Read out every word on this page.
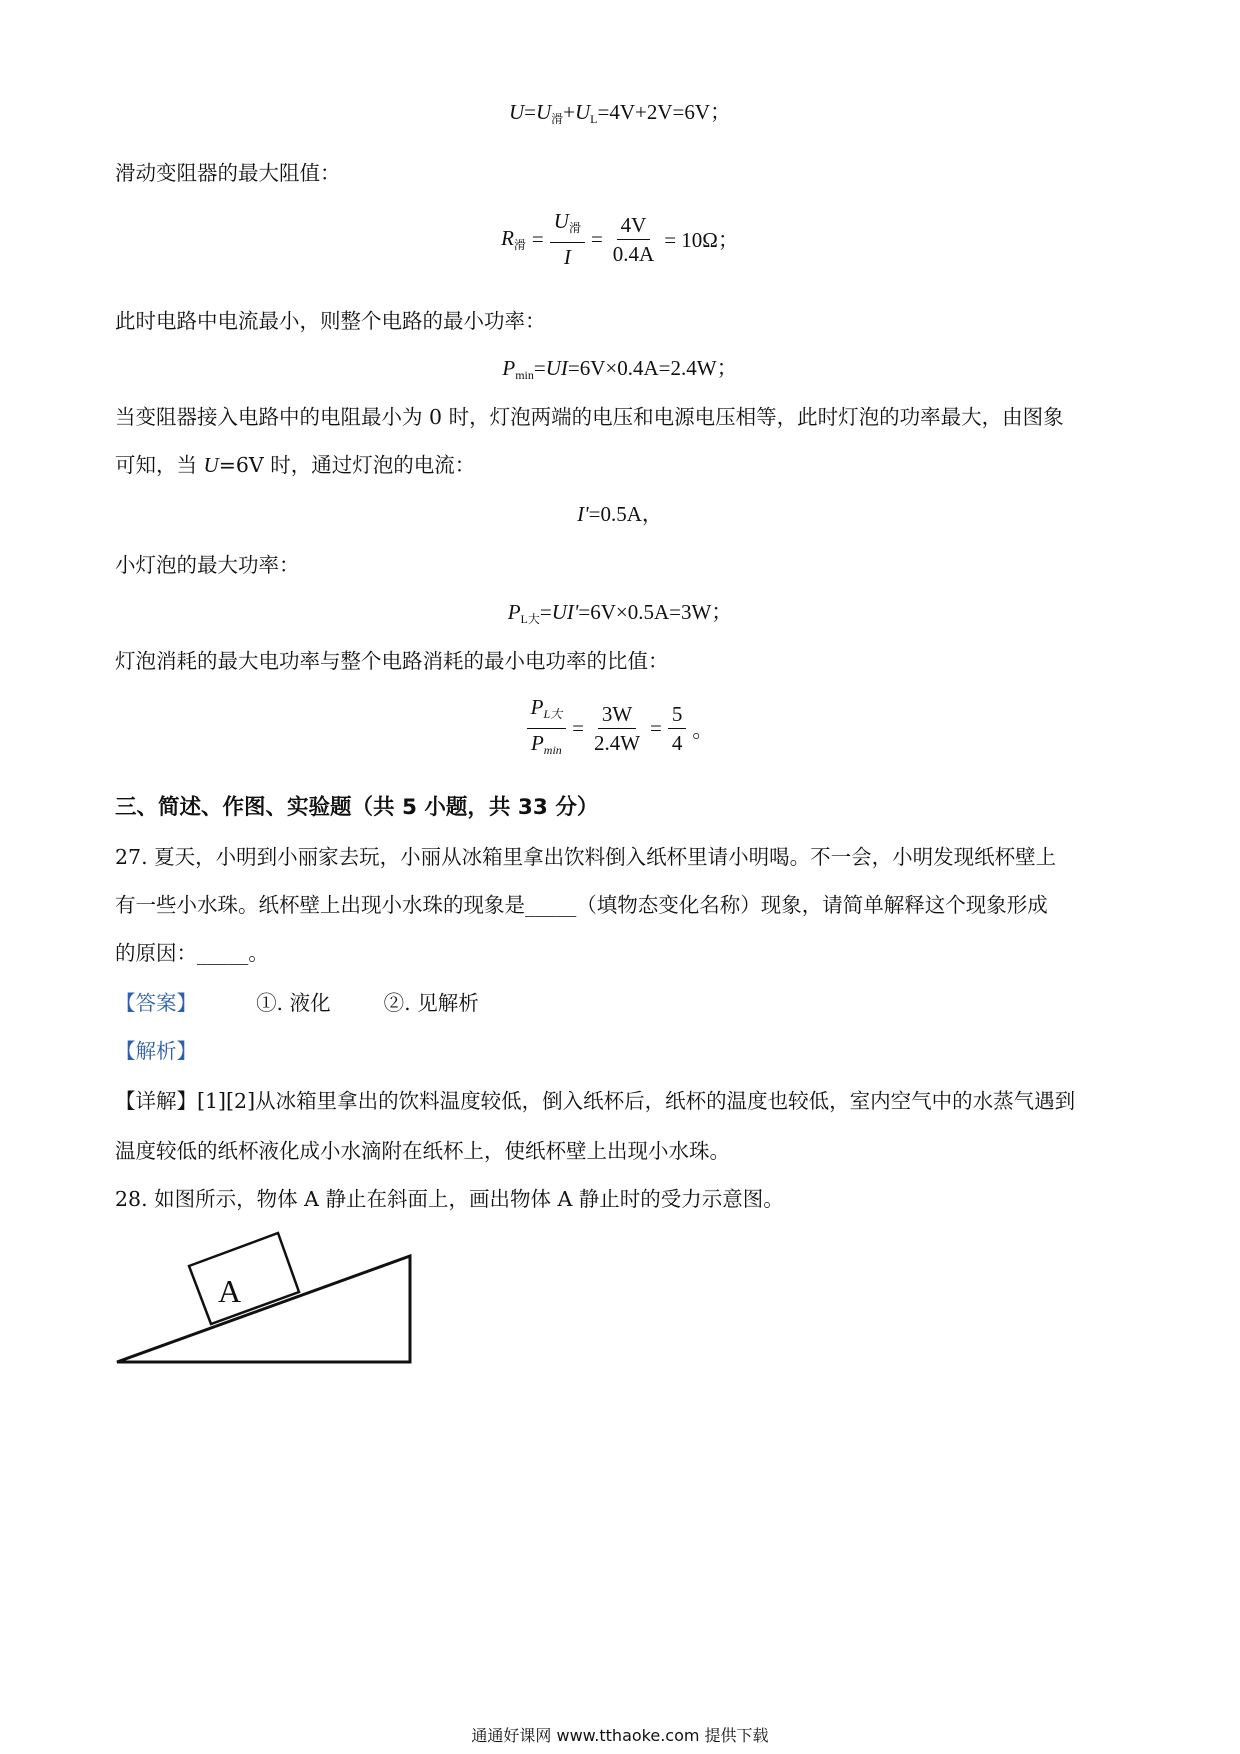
$U=U_滑+U_L=4V+2V=6V$；
滑动变阻器的最大阻值：
$R_滑 = \frac{U_滑}{I} = \frac{4V}{0.4A} = 10\Omega$；
此时电路中电流最小，则整个电路的最小功率：
$P_{min}=UI=6V\times 0.4A=2.4W$；
当变阻器接入电路中的电阻最小为 0 时，灯泡两端的电压和电源电压相等，此时灯泡的功率最大，由图象
可知，当 U=6V 时，通过灯泡的电流：
I'=0.5A，
小灯泡的最大功率：
$P_{L大}=UI'=6V\times 0.5A=3W$；
灯泡消耗的最大电功率与整个电路消耗的最小电功率的比值：
$\frac{P_{L大}}{P_{min}} = \frac{3W}{2.4W} = \frac{5}{4}$ 。
三、简述、作图、实验题（共 5 小题，共 33 分）
27. 夏天，小明到小丽家去玩，小丽从冰箱里拿出饮料倒入纸杯里请小明喝。不一会，小明发现纸杯壁上
有一些小水珠。纸杯壁上出现小水珠的现象是_____（填物态变化名称）现象，请简单解释这个现象形成
的原因：_____。
【答案】	①. 液化	②. 见解析
【解析】
【详解】[1][2]从冰箱里拿出的饮料温度较低，倒入纸杯后，纸杯的温度也较低，室内空气中的水蒸气遇到
温度较低的纸杯液化成小水滴附在纸杯上，使纸杯壁上出现小水珠。
28. 如图所示，物体 A 静止在斜面上，画出物体 A 静止时的受力示意图。
A
通通好课网 www.tthaoke.com 提供下载
